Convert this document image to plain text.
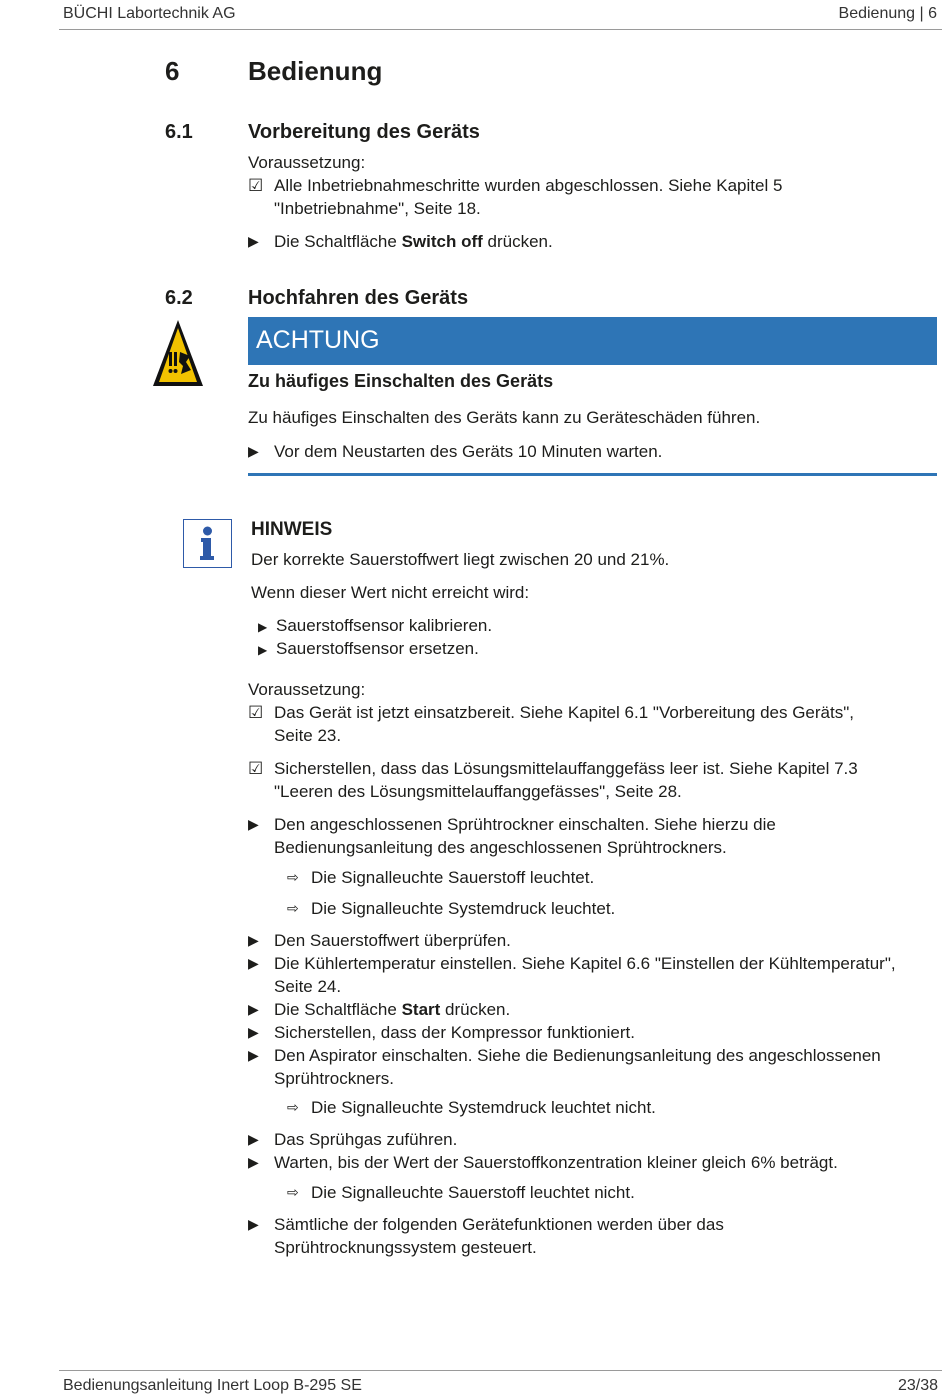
BÜCHI Labortechnik AG	Bedienung | 6
6	Bedienung
6.1	Vorbereitung des Geräts
Voraussetzung:
☑ Alle Inbetriebnahmeschritte wurden abgeschlossen. Siehe Kapitel 5
"Inbetriebnahme", Seite 18.
▶ Die Schaltfläche Switch off drücken.
6.2	Hochfahren des Geräts
ACHTUNG
Zu häufiges Einschalten des Geräts
Zu häufiges Einschalten des Geräts kann zu Geräteschäden führen.
▶ Vor dem Neustarten des Geräts 10 Minuten warten.
HINWEIS
Der korrekte Sauerstoffwert liegt zwischen 20 und 21%.
Wenn dieser Wert nicht erreicht wird:
▶ Sauerstoffsensor kalibrieren.
▶ Sauerstoffsensor ersetzen.
Voraussetzung:
☑ Das Gerät ist jetzt einsatzbereit. Siehe Kapitel 6.1 "Vorbereitung des Geräts",
Seite 23.
☑ Sicherstellen, dass das Lösungsmittelauffanggefäss leer ist. Siehe Kapitel 7.3
"Leeren des Lösungsmittelauffanggefässes", Seite 28.
▶ Den angeschlossenen Sprühtrockner einschalten. Siehe hierzu die
Bedienungsanleitung des angeschlossenen Sprühtrockners.
⇨ Die Signalleuchte Sauerstoff leuchtet.
⇨ Die Signalleuchte Systemdruck leuchtet.
▶ Den Sauerstoffwert überprüfen.
▶ Die Kühlertemperatur einstellen. Siehe Kapitel 6.6 "Einstellen der Kühltemperatur",
Seite 24.
▶ Die Schaltfläche Start drücken.
▶ Sicherstellen, dass der Kompressor funktioniert.
▶ Den Aspirator einschalten. Siehe die Bedienungsanleitung des angeschlossenen
Sprühtrockners.
⇨ Die Signalleuchte Systemdruck leuchtet nicht.
▶ Das Sprühgas zuführen.
▶ Warten, bis der Wert der Sauerstoffkonzentration kleiner gleich 6% beträgt.
⇨ Die Signalleuchte Sauerstoff leuchtet nicht.
▶ Sämtliche der folgenden Gerätefunktionen werden über das
Sprühtrocknungssystem gesteuert.
Bedienungsanleitung Inert Loop B-295 SE	23/38
